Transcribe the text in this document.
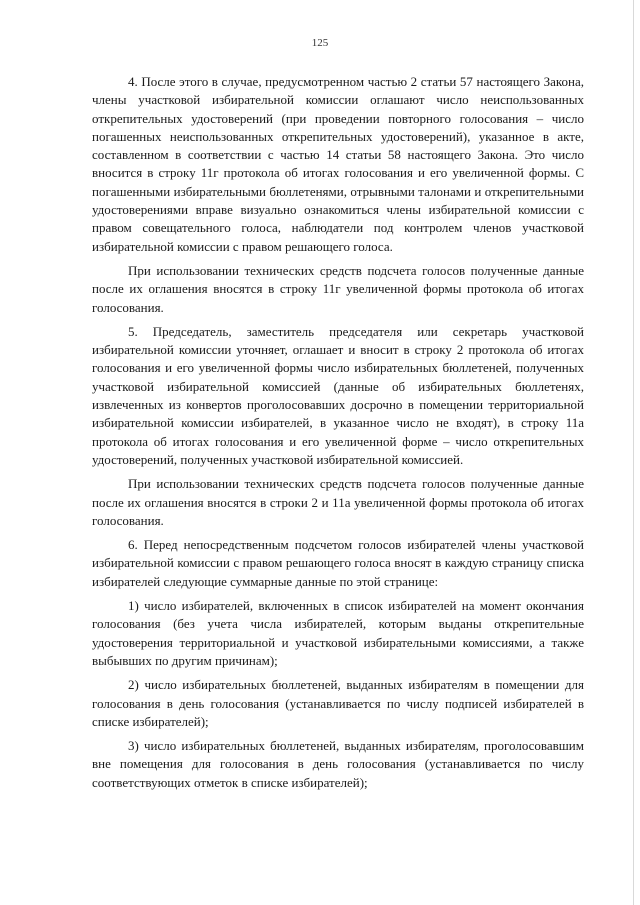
125

4. После этого в случае, предусмотренном частью 2 статьи 57 настоящего Закона, члены участковой избирательной комиссии оглашают число неиспользованных открепительных удостоверений (при проведении повторного голосования – число погашенных неиспользованных открепительных удостоверений), указанное в акте, составленном в соответствии с частью 14 статьи 58 настоящего Закона. Это число вносится в строку 11г протокола об итогах голосования и его увеличенной формы. С погашенными избирательными бюллетенями, отрывными талонами и открепительными удостоверениями вправе визуально ознакомиться члены избирательной комиссии с правом совещательного голоса, наблюдатели под контролем членов участковой избирательной комиссии с правом решающего голоса.

При использовании технических средств подсчета голосов полученные данные после их оглашения вносятся в строку 11г увеличенной формы протокола об итогах голосования.

5. Председатель, заместитель председателя или секретарь участковой избирательной комиссии уточняет, оглашает и вносит в строку 2 протокола об итогах голосования и его увеличенной формы число избирательных бюллетеней, полученных участковой избирательной комиссией (данные об избирательных бюллетенях, извлеченных из конвертов проголосовавших досрочно в помещении территориальной избирательной комиссии избирателей, в указанное число не входят), в строку 11а протокола об итогах голосования и его увеличенной форме – число открепительных удостоверений, полученных участковой избирательной комиссией.

При использовании технических средств подсчета голосов полученные данные после их оглашения вносятся в строки 2 и 11а увеличенной формы протокола об итогах голосования.

6. Перед непосредственным подсчетом голосов избирателей члены участковой избирательной комиссии с правом решающего голоса вносят в каждую страницу списка избирателей следующие суммарные данные по этой странице:

1) число избирателей, включенных в список избирателей на момент окончания голосования (без учета числа избирателей, которым выданы открепительные удостоверения территориальной и участковой избирательными комиссиями, а также выбывших по другим причинам);

2) число избирательных бюллетеней, выданных избирателям в помещении для голосования в день голосования (устанавливается по числу подписей избирателей в списке избирателей);

3) число избирательных бюллетеней, выданных избирателям, проголосовавшим вне помещения для голосования в день голосования (устанавливается по числу соответствующих отметок в списке избирателей);
